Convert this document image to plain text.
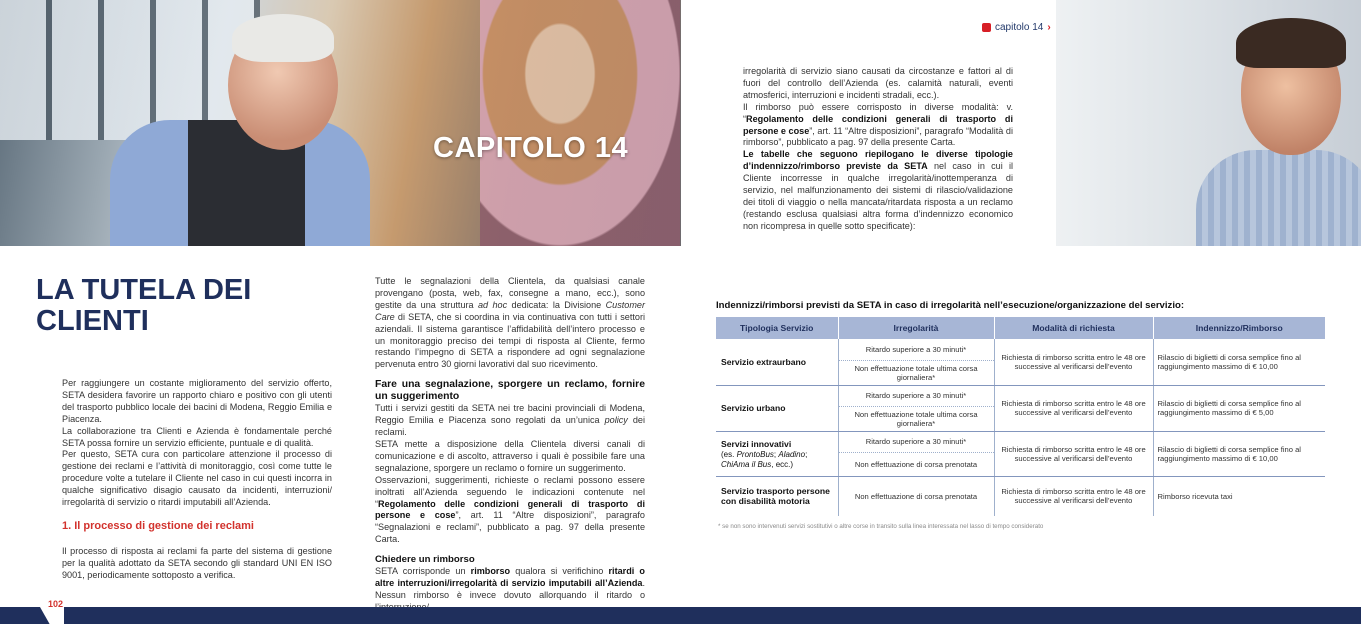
CAPITOLO 14
capitolo 14 ›
LA TUTELA DEI CLIENTI

Per raggiungere un costante miglioramento del servizio offerto, SETA desidera favorire un rapporto chiaro e positivo con gli utenti del trasporto pubblico locale dei bacini di Modena, Reggio Emilia e Piacenza.

La collaborazione tra Clienti e Azienda è fondamentale perché SETA possa fornire un servizio efficiente, puntuale e di qualità.

Per questo, SETA cura con particolare attenzione il processo di gestione dei reclami e l’attività di monitoraggio, così come tutte le procedure volte a tutelare il Cliente nel caso in cui questi incorra in qualche significativo disagio causato da incidenti, interruzioni/ irregolarità di servizio o ritardi imputabili all’Azienda.

1. Il processo di gestione dei reclami

Il processo di risposta ai reclami fa parte del sistema di gestione per la qualità adottato da SETA secondo gli standard UNI EN ISO 9001, periodicamente sottoposto a verifica.

Tutte le segnalazioni della Clientela, da qualsiasi canale provengano (posta, web, fax, consegne a mano, ecc.), sono gestite da una struttura ad hoc dedicata: la Divisione Customer Care di SETA, che si coordina in via continuativa con tutti i settori aziendali. Il sistema garantisce l’affidabilità dell’intero processo e un monitoraggio preciso dei tempi di risposta al Cliente, fermo restando l’impegno di SETA a rispondere ad ogni segnalazione pervenuta entro 30 giorni lavorativi dal suo ricevimento.

Fare una segnalazione, sporgere un reclamo, fornire un suggerimento

Tutti i servizi gestiti da SETA nei tre bacini provinciali di Modena, Reggio Emilia e Piacenza sono regolati da un’unica policy dei reclami.

SETA mette a disposizione della Clientela diversi canali di comunicazione e di ascolto, attraverso i quali è possibile fare una segnalazione, sporgere un reclamo o fornire un suggerimento.

Osservazioni, suggerimenti, richieste o reclami possono essere inoltrati all’Azienda seguendo le indicazioni contenute nel “Regolamento delle condizioni generali di trasporto di persone e cose”, art. 11 “Altre disposizioni”, paragrafo “Segnalazioni e reclami”, pubblicato a pag. 97 della presente Carta.

Chiedere un rimborso

SETA corrisponde un rimborso qualora si verifichino ritardi o altre interruzioni/irregolarità di servizio imputabili all’Azienda. Nessun rimborso è invece dovuto allorquando il ritardo o

irregolarità di servizio siano causati da circostanze e fattori al di fuori del controllo dell’Azienda (es. calamità naturali, eventi atmosferici, interruzioni e incidenti stradali, ecc.).

Il rimborso può essere corrisposto in diverse modalità: v. “Regolamento delle condizioni generali di trasporto di persone e cose”, art. 11 “Altre disposizioni”, paragrafo “Modalità di rimborso”, pubblicato a pag. 97 della presente Carta.

Le tabelle che seguono riepilogano le diverse tipologie d’indennizzo/rimborso previste da SETA nel caso in cui il Cliente incorresse in qualche irregolarità/inottemperanza di servizio, nel malfunzionamento dei sistemi di rilascio/validazione dei titoli di viaggio o nella mancata/ritardata risposta a un reclamo (restando esclusa qualsiasi altra forma d’indennizzo economico non ricompresa in quelle sotto specificate):

Indennizzi/rimborsi previsti da SETA in caso di irregolarità nell’esecuzione/organizzazione del servizio:
Tipologia Servizio	Irregolarità	Modalità di richiesta	Indennizzo/Rimborso
Servizio extraurbano	Ritardo superiore a 30 minuti*	Richiesta di rimborso scritta entro le 48 ore successive al verificarsi dell’evento	Rilascio di biglietti di corsa semplice fino al raggiungimento massimo di € 10,00
	Non effettuazione totale ultima corsa giornaliera*		
Servizio urbano	Ritardo superiore a 30 minuti*	Richiesta di rimborso scritta entro le 48 ore successive al verificarsi dell’evento	Rilascio di biglietti di corsa semplice fino al raggiungimento massimo di € 5,00
	Non effettuazione totale ultima corsa giornaliera*		
Servizi innovativi
(es. ProntoBus; Aladino;
ChiAma il Bus, ecc.)	Ritardo superiore a 30 minuti*	Richiesta di rimborso scritta entro le 48 ore successive al verificarsi dell’evento	Rilascio di biglietti di corsa semplice fino al raggiungimento massimo di € 10,00
	Non effettuazione di corsa prenotata		
Servizio trasporto persone con disabilità motoria	Non effettuazione di corsa prenotata	Richiesta di rimborso scritta entro le 48 ore successive al verificarsi dell’evento	Rimborso ricevuta taxi
* se non sono intervenuti servizi sostitutivi o altre corse in transito sulla linea interessata nel lasso di tempo considerato
102
